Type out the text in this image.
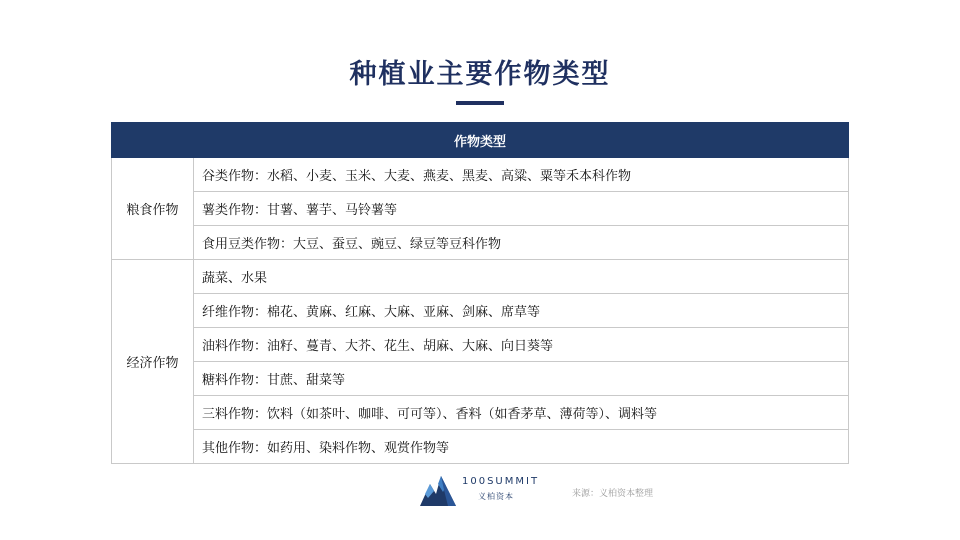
种植业主要作物类型
作物类型	
粮食作物	谷类作物：水稻、小麦、玉米、大麦、燕麦、黑麦、高粱、粟等禾本科作物
	薯类作物：甘薯、薯芋、马铃薯等
	食用豆类作物：大豆、蚕豆、豌豆、绿豆等豆科作物
经济作物	蔬菜、水果
	纤维作物：棉花、黄麻、红麻、大麻、亚麻、剑麻、席草等
	油料作物：油籽、蔓青、大芥、花生、胡麻、大麻、向日葵等
	糖料作物：甘蔗、甜菜等
	三料作物：饮料（如茶叶、咖啡、可可等）、香料（如香茅草、薄荷等）、调料等
	其他作物：如药用、染料作物、观赏作物等
100SUMMIT
义柏资本	来源：义柏资本整理
